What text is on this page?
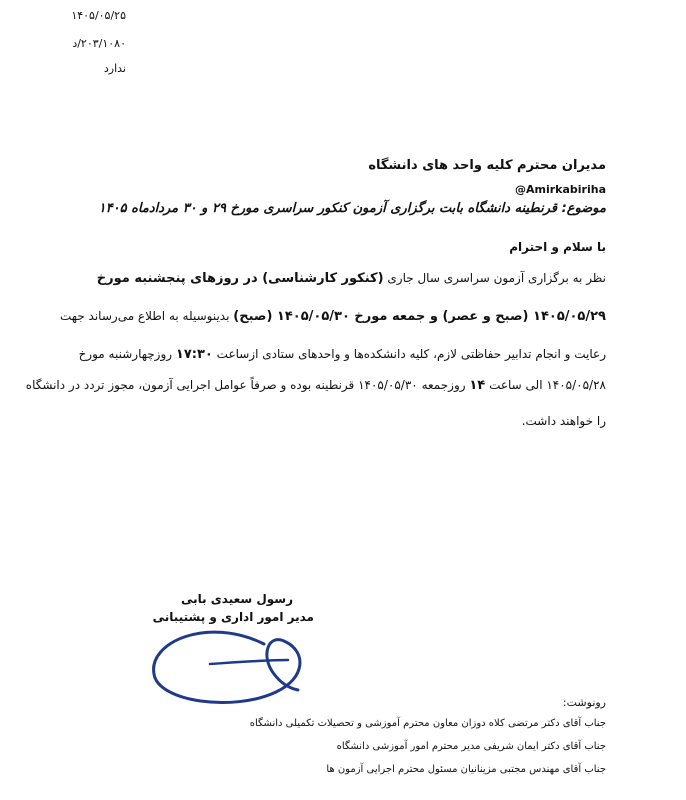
۱۴۰۵/۰۵/۲۵
۲۰۳/۱۰۸۰/د
ندارد
مدیران محترم کلیه واحد های دانشگاه
@Amirkabiriha
موضوع: قرنطینه دانشگاه بابت برگزاری آزمون کنکور سراسری مورخ ۲۹ و ۳۰ مردادماه ۱۴۰۵
با سلام و احترام
نظر به برگزاری آزمون سراسری سال جاری (کنکور کارشناسی) در روزهای پنجشنبه مورخ
۱۴۰۵/۰۵/۲۹ (صبح و عصر) و جمعه مورخ ۱۴۰۵/۰۵/۳۰ (صبح) بدینوسیله به اطلاع می‌رساند جهت
رعایت و انجام تدابیر حفاظتی لازم، کلیه دانشکده‌ها و واحدهای ستادی ازساعت ۱۷:۳۰ روزچهارشنبه مورخ
۱۴۰۵/۰۵/۲۸ الی ساعت ۱۴ روزجمعه ۱۴۰۵/۰۵/۳۰ قرنطینه بوده و صرفاً عوامل اجرایی آزمون، مجوز تردد در دانشگاه
را خواهند داشت.
رسول سعیدی بابی
مدیر امور اداری و پشتیبانی
رونوشت:
جناب آقای دکتر مرتضی کلاه دوزان معاون محترم آموزشی و تحصیلات تکمیلی دانشگاه
جناب آقای دکتر ایمان شریفی مدیر محترم امور آموزشی دانشگاه
جناب آقای مهندس مجتبی مزینانیان مسئول محترم اجرایی آزمون ها
